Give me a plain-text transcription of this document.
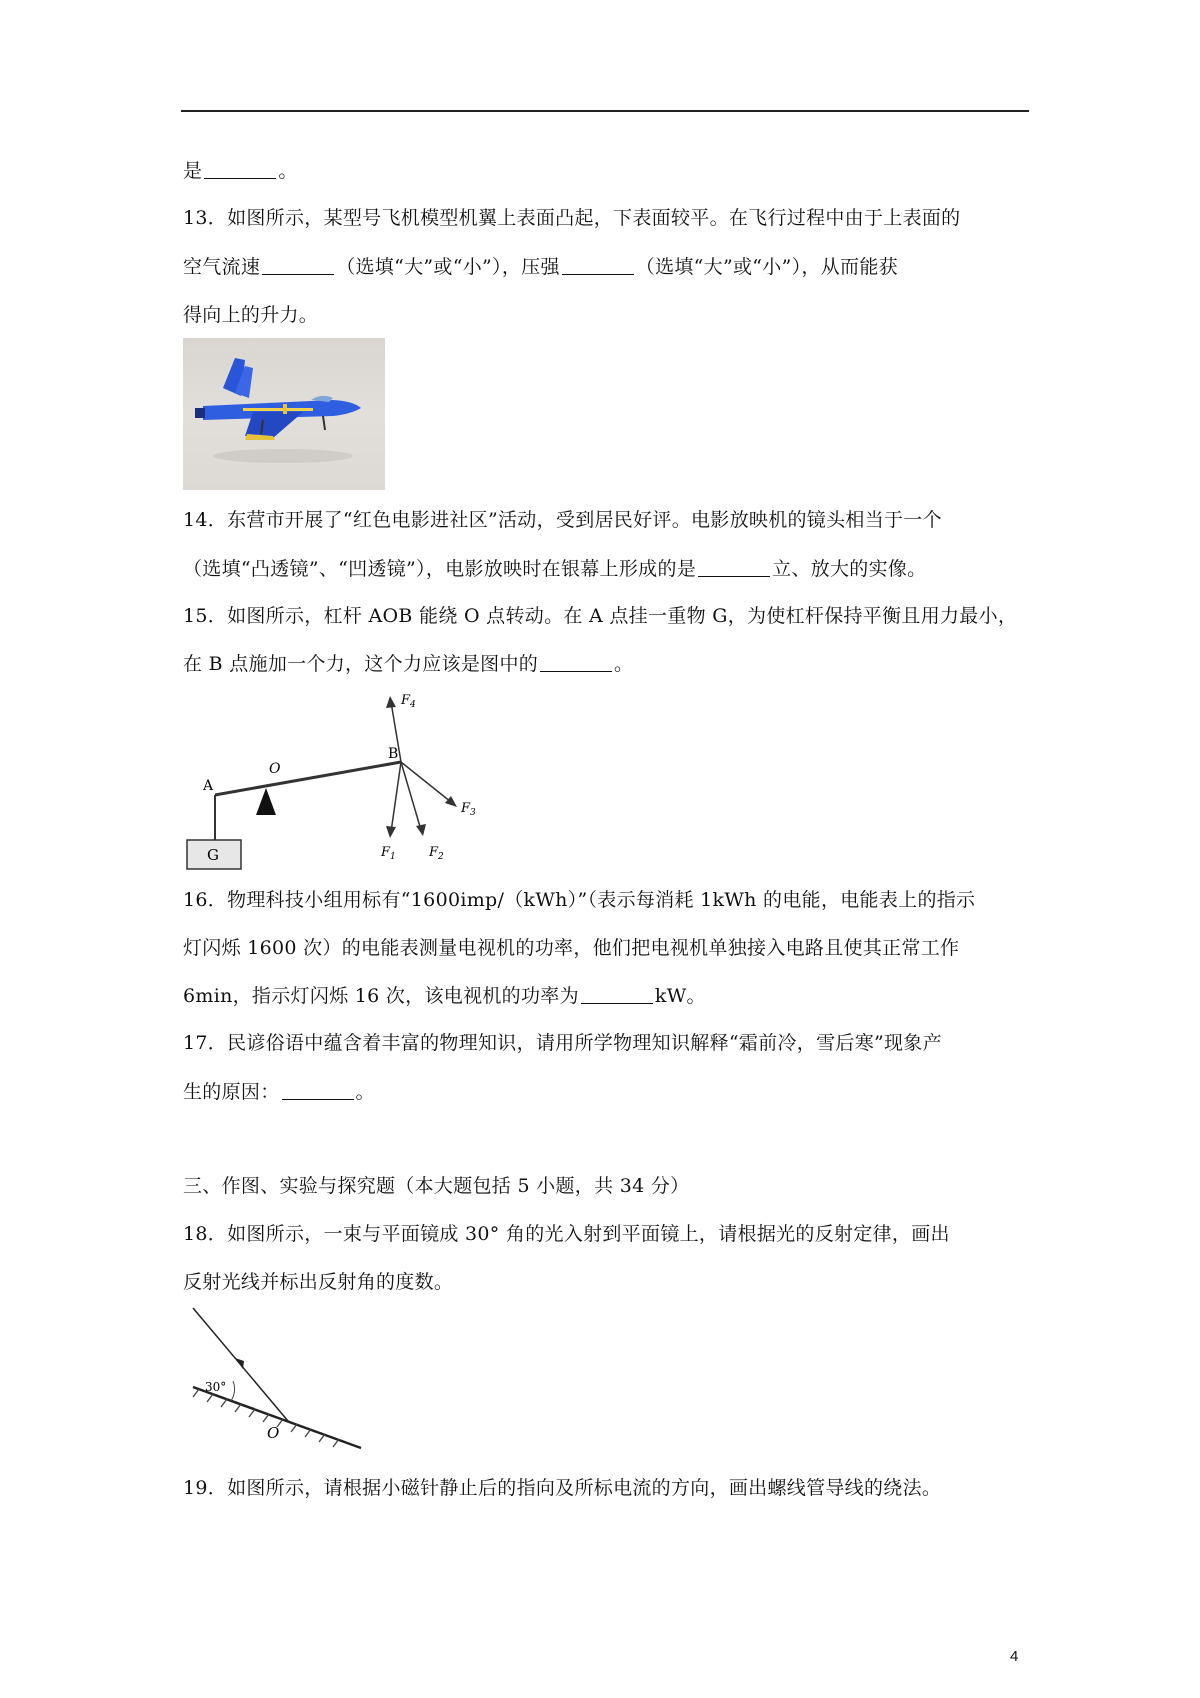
是	。
13．如图所示，某型号飞机模型机翼上表面凸起，下表面较平。在飞行过程中由于上表面的
空气流速	（选填“大”或“小”），压强	（选填“大”或“小”），从而能获
得向上的升力。
14．东营市开展了“红色电影进社区”活动，受到居民好评。电影放映机的镜头相当于一个
（选填“凸透镜”、“凹透镜”），电影放映时在银幕上形成的是	立、放大的实像。
15．如图所示，杠杆 AOB 能绕 O 点转动。在 A 点挂一重物 G，为使杠杆保持平衡且用力最小，
在 B 点施加一个力，这个力应该是图中的	。
16．物理科技小组用标有“1600imp/（kWh）”（表示每消耗 1kWh 的电能，电能表上的指示
灯闪烁 1600 次）的电能表测量电视机的功率，他们把电视机单独接入电路且使其正常工作
6min，指示灯闪烁 16 次，该电视机的功率为	kW。
17．民谚俗语中蕴含着丰富的物理知识，请用所学物理知识解释“霜前冷，雪后寒”现象产
生的原因：	。
三、作图、实验与探究题（本大题包括 5 小题，共 34 分）
18．如图所示，一束与平面镜成 30° 角的光入射到平面镜上，请根据光的反射定律，画出
反射光线并标出反射角的度数。
19．如图所示，请根据小磁针静止后的指向及所标电流的方向，画出螺线管导线的绕法。
G
A
O
B
$F_4$
$F_1$	$F_2$
$F_3$
30°
O
4
